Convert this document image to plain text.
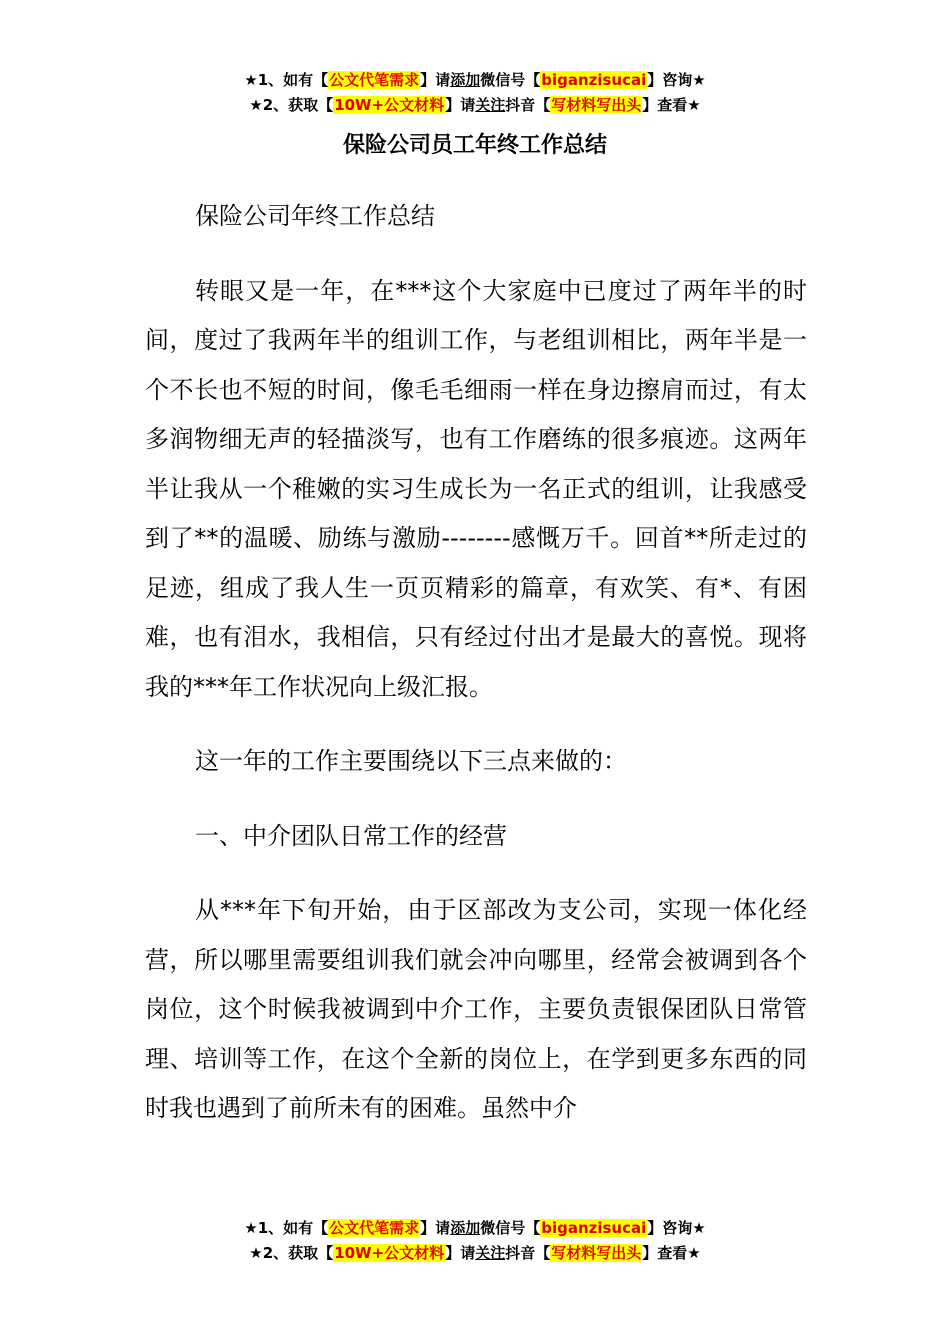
★1、如有【公文代笔需求】请添加微信号【biganzisucai】咨询★
★2、获取【10W+公文材料】请关注抖音【写材料写出头】查看★
保险公司员工年终工作总结

保险公司年终工作总结

转眼又是一年，在***这个大家庭中已度过了两年半的时间，度过了我两年半的组训工作，与老组训相比，两年半是一个不长也不短的时间，像毛毛细雨一样在身边擦肩而过，有太多润物细无声的轻描淡写，也有工作磨练的很多痕迹。这两年半让我从一个稚嫩的实习生成长为一名正式的组训，让我感受到了**的温暖、励练与激励--------感慨万千。回首**所走过的足迹，组成了我人生一页页精彩的篇章，有欢笑、有*、有困难，也有泪水，我相信，只有经过付出才是最大的喜悦。现将我的***年工作状况向上级汇报。

这一年的工作主要围绕以下三点来做的：

一、中介团队日常工作的经营

从***年下旬开始，由于区部改为支公司，实现一体化经营，所以哪里需要组训我们就会冲向哪里，经常会被调到各个岗位，这个时候我被调到中介工作，主要负责银保团队日常管理、培训等工作，在这个全新的岗位上，在学到更多东西的同时我也遇到了前所未有的困难。虽然中介

★1、如有【公文代笔需求】请添加微信号【biganzisucai】咨询★
★2、获取【10W+公文材料】请关注抖音【写材料写出头】查看★
